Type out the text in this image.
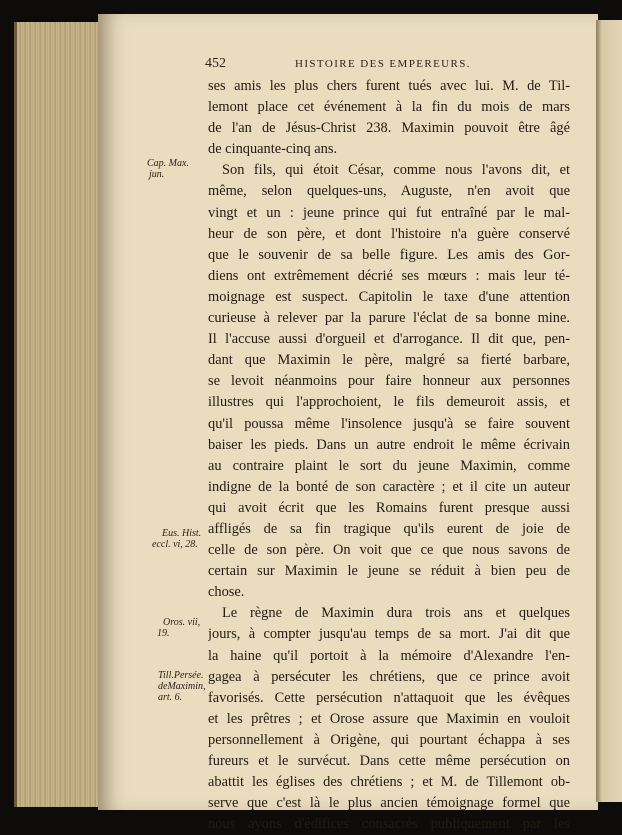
452	HISTOIRE DES EMPEREURS.
ses amis les plus chers furent tués avec lui. M. de Til-
lemont place cet événement à la fin du mois de mars
de l'an de Jésus-Christ 238. Maximin pouvoit être âgé
de cinquante-cinq ans.
Son fils, qui étoit César, comme nous l'avons dit, et
même, selon quelques-uns, Auguste, n'en avoit que
vingt et un : jeune prince qui fut entraîné par le mal-
heur de son père, et dont l'histoire n'a guère conservé
que le souvenir de sa belle figure. Les amis des Gor-
diens ont extrêmement décrié ses mœurs : mais leur té-
moignage est suspect. Capitolin le taxe d'une attention
curieuse à relever par la parure l'éclat de sa bonne mine.
Il l'accuse aussi d'orgueil et d'arrogance. Il dit que, pen-
dant que Maximin le père, malgré sa fierté barbare,
se levoit néanmoins pour faire honneur aux personnes
illustres qui l'approchoient, le fils demeuroit assis, et
qu'il poussa même l'insolence jusqu'à se faire souvent
baiser les pieds. Dans un autre endroit le même écrivain
au contraire plaint le sort du jeune Maximin, comme
indigne de la bonté de son caractère ; et il cite un auteur
qui avoit écrit que les Romains furent presque aussi
affligés de sa fin tragique qu'ils eurent de joie de
celle de son père. On voit que ce que nous savons de
certain sur Maximin le jeune se réduit à bien peu de
chose.
Le règne de Maximin dura trois ans et quelques
jours, à compter jusqu'au temps de sa mort. J'ai dit que
la haine qu'il portoit à la mémoire d'Alexandre l'en-
gagea à persécuter les chrétiens, que ce prince avoit
favorisés. Cette persécution n'attaquoit que les évêques
et les prêtres ; et Orose assure que Maximin en vouloit
personnellement à Origène, qui pourtant échappa à ses
fureurs et le survécut. Dans cette même persécution on
abattit les églises des chrétiens ; et M. de Tillemont ob-
serve que c'est là le plus ancien témoignage formel que
nous ayons d'édifices consacrés publiquement par les
Cap. Max.
jun.
Eus. Hist.
eccl. vi, 28.
Oros. vii,
19.
Till.Persée.
deMaximin,
art. 6.
